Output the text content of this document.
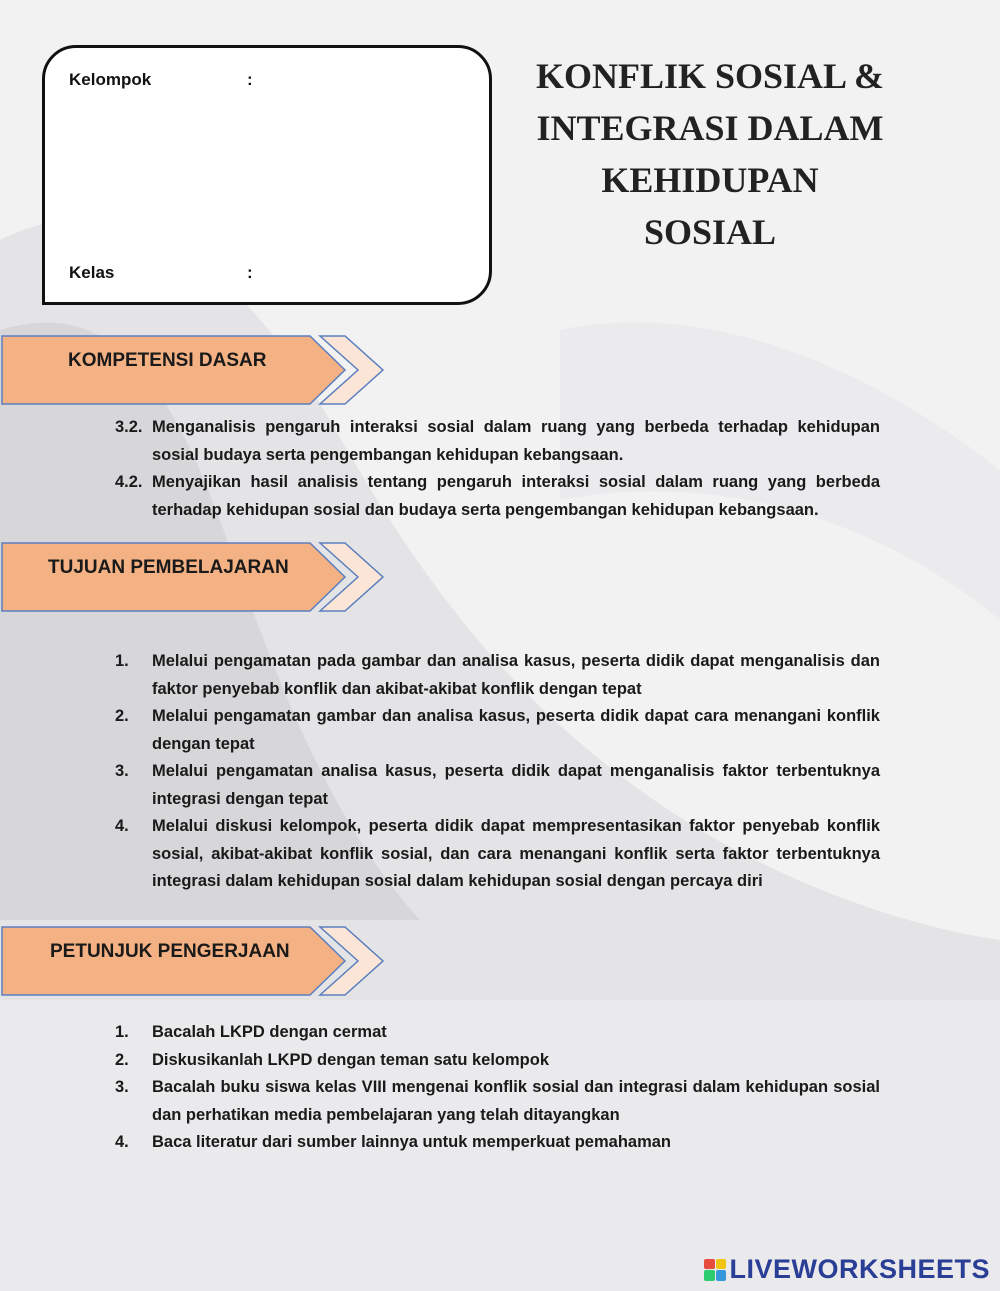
Kelompok	:
Kelas	:
KONFLIK SOSIAL &
INTEGRASI DALAM
KEHIDUPAN
SOSIAL
KOMPETENSI DASAR
3.2. Menganalisis pengaruh interaksi sosial dalam ruang yang berbeda terhadap kehidupan sosial budaya serta pengembangan kehidupan kebangsaan.
4.2. Menyajikan hasil analisis tentang pengaruh interaksi sosial dalam ruang yang berbeda terhadap kehidupan sosial dan budaya serta pengembangan kehidupan kebangsaan.
TUJUAN PEMBELAJARAN
1. Melalui pengamatan pada gambar dan analisa kasus, peserta didik dapat menganalisis dan faktor penyebab konflik dan akibat-akibat konflik dengan tepat
2. Melalui pengamatan gambar dan analisa kasus, peserta didik dapat cara menangani konflik dengan tepat
3. Melalui pengamatan analisa kasus, peserta didik dapat menganalisis faktor terbentuknya integrasi dengan tepat
4. Melalui diskusi kelompok, peserta didik dapat mempresentasikan faktor penyebab konflik sosial, akibat-akibat konflik sosial, dan cara menangani konflik serta faktor terbentuknya integrasi dalam kehidupan sosial dalam kehidupan sosial dengan percaya diri
PETUNJUK PENGERJAAN
1. Bacalah LKPD dengan cermat
2. Diskusikanlah LKPD dengan teman satu kelompok
3. Bacalah buku siswa kelas VIII mengenai konflik sosial dan integrasi dalam kehidupan sosial dan perhatikan media pembelajaran yang telah ditayangkan
4. Baca literatur dari sumber lainnya untuk memperkuat pemahaman
LIVEWORKSHEETS
